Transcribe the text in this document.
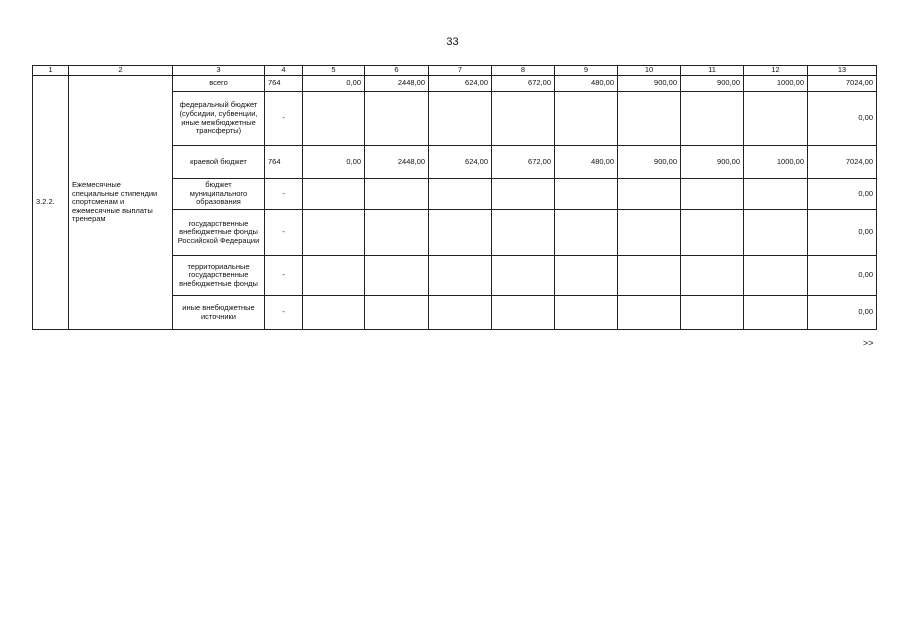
33
1	2	3	4	5	6	7	8	9	10	11	12	13
3.2.2.	Ежемесячные специальные стипендии спортсменам и ежемесячные выплаты тренерам	всего	764	0,00	2448,00	624,00	672,00	480,00	900,00	900,00	1000,00	7024,00
		федеральный бюджет (субсидии, субвенции, иные межбюджетные трансферты)	-									0,00
		краевой бюджет	764	0,00	2448,00	624,00	672,00	480,00	900,00	900,00	1000,00	7024,00
		бюджет муниципального образования	-									0,00
		государственные внебюджетные фонды Российской Федерации	-									0,00
		территориальные государственные внебюджетные фонды	-									0,00
		иные внебюджетные источники	-									0,00
>>
